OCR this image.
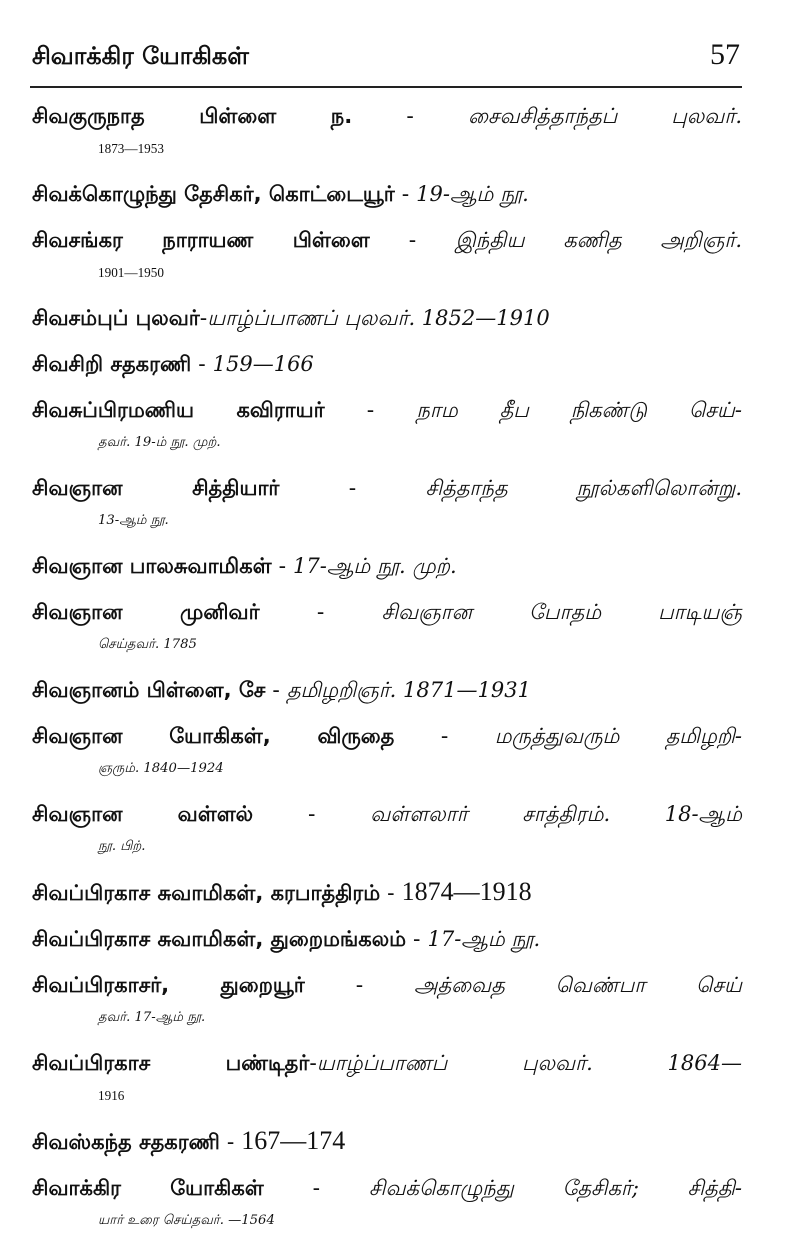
சிவாக்கிர யோகிகள்	57
சிவகுருநாத பிள்ளை ந. - சைவசித்தாந்தப் புலவர்.
1873—1953
சிவக்கொழுந்து தேசிகர், கொட்டையூர் - 19-ஆம் நூ.
சிவசங்கர நாராயண பிள்ளை - இந்திய கணித அறிஞர்.
1901—1950
சிவசம்புப் புலவர்-யாழ்ப்பாணப் புலவர். 1852—1910
சிவசிறி சதகரணி - 159—166
சிவசுப்பிரமணிய கவிராயர் - நாம தீப நிகண்டு செய்-
தவர். 19-ம் நூ. முற்.
சிவஞான சித்தியார் - சித்தாந்த நூல்களிலொன்று.
13-ஆம் நூ.
சிவஞான பாலசுவாமிகள் - 17-ஆம் நூ. முற்.
சிவஞான முனிவர் - சிவஞான போதம் பாடியஞ்
செய்தவர். 1785
சிவஞானம் பிள்ளை, சே - தமிழறிஞர். 1871—1931
சிவஞான யோகிகள், விருதை - மருத்துவரும் தமிழறி-
ஞரும். 1840—1924
சிவஞான வள்ளல் - வள்ளலார் சாத்திரம். 18-ஆம்
நூ. பிற்.
சிவப்பிரகாச சுவாமிகள், கரபாத்திரம் - 1874—1918
சிவப்பிரகாச சுவாமிகள், துறைமங்கலம் - 17-ஆம் நூ.
சிவப்பிரகாசர், துறையூர் - அத்வைத வெண்பா செய்
தவர். 17-ஆம் நூ.
சிவப்பிரகாச பண்டிதர்-யாழ்ப்பாணப் புலவர். 1864—
1916
சிவஸ்கந்த சதகரணி - 167—174
சிவாக்கிர யோகிகள் - சிவக்கொழுந்து தேசிகர்; சித்தி-
யார் உரை செய்தவர். —1564
